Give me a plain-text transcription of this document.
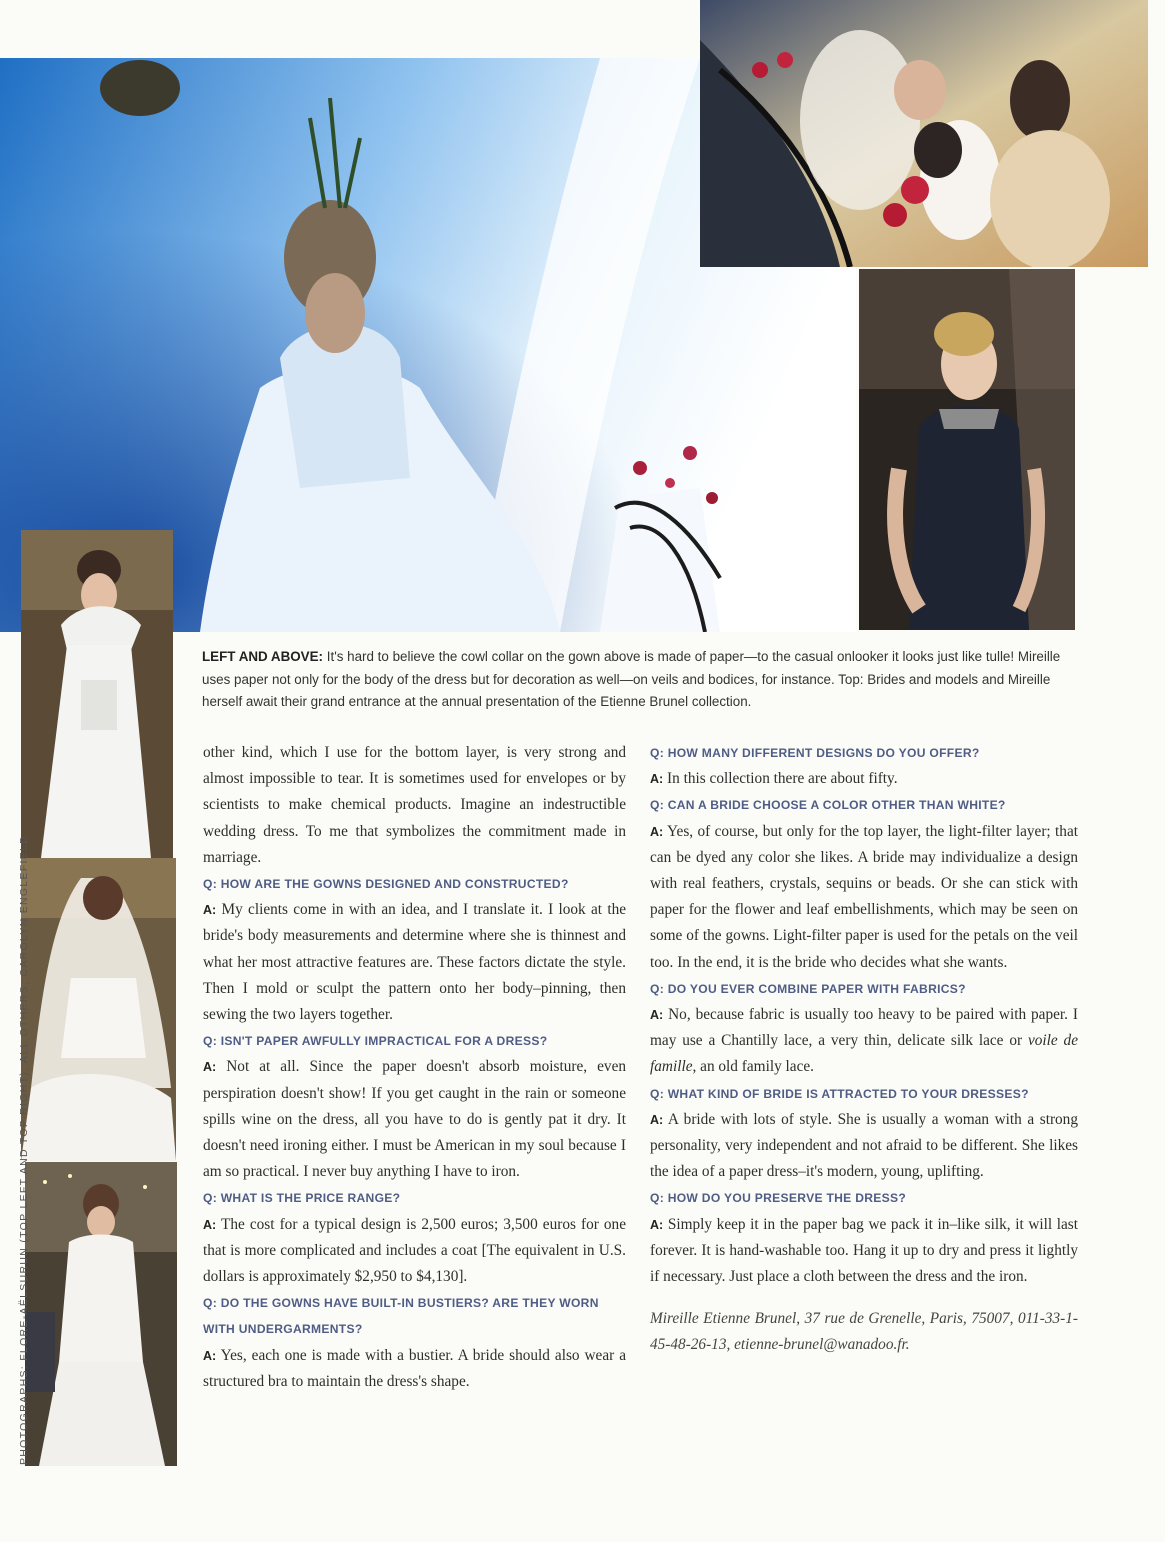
PHOTOGRAPHS: FLORE-AËLSURUN (TOP LEFT AND TOP RIGHT); ALL OTHERS, CAROLYN ENGLEFIELD
LEFT AND ABOVE: It's hard to believe the cowl collar on the gown above is made of paper—to the casual onlooker it looks just like tulle! Mireille uses paper not only for the body of the dress but for decoration as well—on veils and bodices, for instance. Top: Brides and models and Mireille herself await their grand entrance at the annual presentation of the Etienne Brunel collection.

other kind, which I use for the bottom layer, is very strong and almost impossible to tear. It is sometimes used for envelopes or by scientists to make chemical products. Imagine an indestructible wedding dress. To me that symbolizes the commitment made in marriage.

Q: HOW ARE THE GOWNS DESIGNED AND CONSTRUCTED?

A: My clients come in with an idea, and I translate it. I look at the bride's body measurements and determine where she is thinnest and what her most attractive features are. These factors dictate the style. Then I mold or sculpt the pattern onto her body–pinning, then sewing the two layers together.

Q: ISN'T PAPER AWFULLY IMPRACTICAL FOR A DRESS?

A: Not at all. Since the paper doesn't absorb moisture, even perspiration doesn't show! If you get caught in the rain or someone spills wine on the dress, all you have to do is gently pat it dry. It doesn't need ironing either. I must be American in my soul because I am so practical. I never buy anything I have to iron.

Q: WHAT IS THE PRICE RANGE?

A: The cost for a typical design is 2,500 euros; 3,500 euros for one that is more complicated and includes a coat [The equivalent in U.S. dollars is approximately $2,950 to $4,130].

Q: DO THE GOWNS HAVE BUILT-IN BUSTIERS? ARE THEY WORN WITH UNDERGARMENTS?

A: Yes, each one is made with a bustier. A bride should also wear a structured bra to maintain the dress's shape.

Q: HOW MANY DIFFERENT DESIGNS DO YOU OFFER?

A: In this collection there are about fifty.

Q: CAN A BRIDE CHOOSE A COLOR OTHER THAN WHITE?

A: Yes, of course, but only for the top layer, the light-filter layer; that can be dyed any color she likes. A bride may individualize a design with real feathers, crystals, sequins or beads. Or she can stick with paper for the flower and leaf embellishments, which may be seen on some of the gowns. Light-filter paper is used for the petals on the veil too. In the end, it is the bride who decides what she wants.

Q: DO YOU EVER COMBINE PAPER WITH FABRICS?

A: No, because fabric is usually too heavy to be paired with paper. I may use a Chantilly lace, a very thin, delicate silk lace or voile de famille, an old family lace.

Q: WHAT KIND OF BRIDE IS ATTRACTED TO YOUR DRESSES?

A: A bride with lots of style. She is usually a woman with a strong personality, very independent and not afraid to be different. She likes the idea of a paper dress–it's modern, young, uplifting.

Q: HOW DO YOU PRESERVE THE DRESS?

A: Simply keep it in the paper bag we pack it in–like silk, it will last forever. It is hand-washable too. Hang it up to dry and press it lightly if necessary. Just place a cloth between the dress and the iron.

Mireille Etienne Brunel, 37 rue de Grenelle, Paris, 75007, 011-33-1-45-48-26-13, etienne-brunel@wanadoo.fr.
